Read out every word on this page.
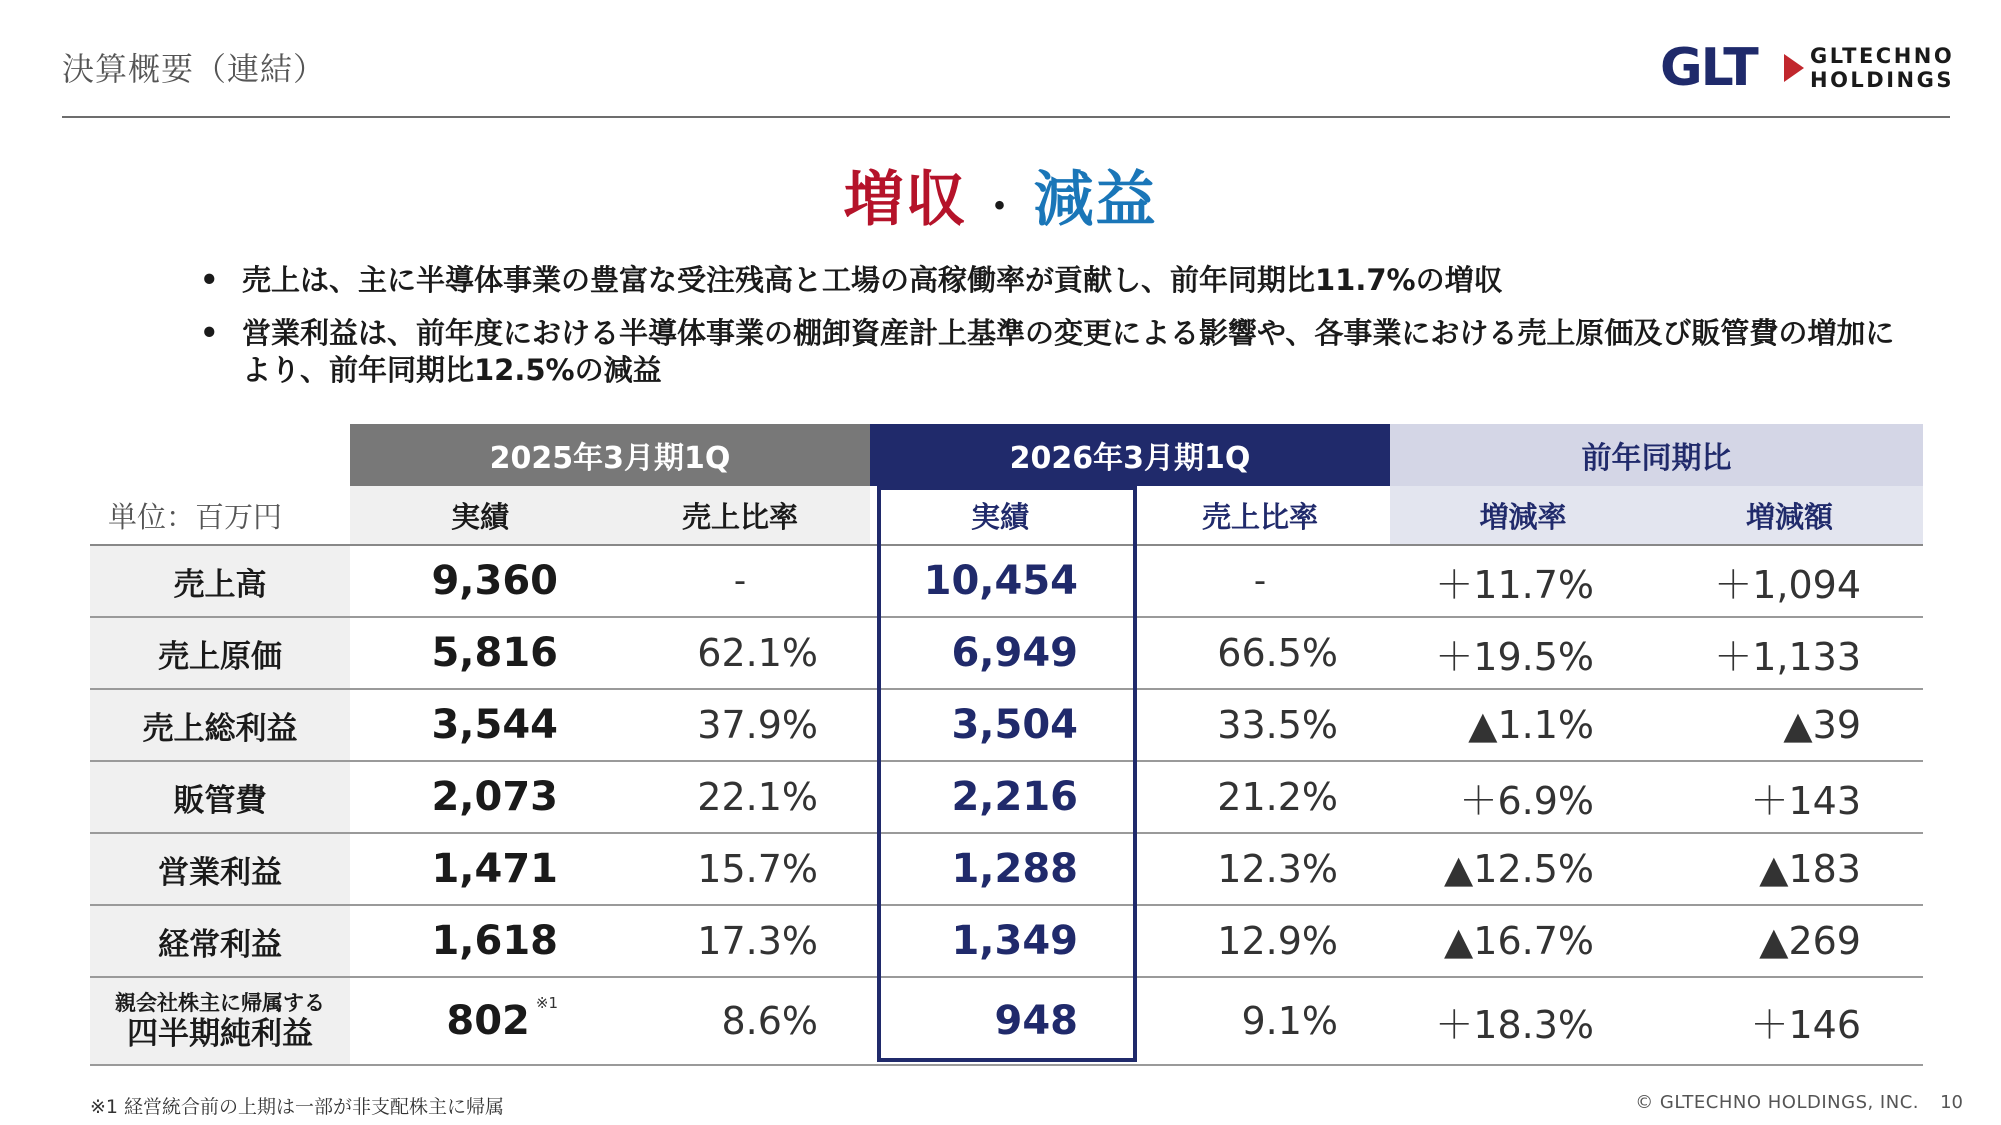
決算概要（連結）	GLT	GLTECHNO
HOLDINGS
増収 ・ 減益
• 売上は、主に半導体事業の豊富な受注残高と工場の高稼働率が貢献し、前年同期比11.7%の増収
• 営業利益は、前年度における半導体事業の棚卸資産計上基準の変更による影響や、各事業における売上原価及び販管費の増加により、前年同期比12.5%の減益
	2025年3月期1Q		2026年3月期1Q		前年同期比	
単位：百万円	実績	売上比率	実績	売上比率	増減率	増減額
売上高	9,360	-	10,454	-	＋11.7%	＋1,094
売上原価	5,816	62.1%	6,949	66.5%	＋19.5%	＋1,133
売上総利益	3,544	37.9%	3,504	33.5%	▲1.1%	▲39
販管費	2,073	22.1%	2,216	21.2%	＋6.9%	＋143
営業利益	1,471	15.7%	1,288	12.3%	▲12.5%	▲183
経常利益	1,618	17.3%	1,349	12.9%	▲16.7%	▲269

親会社株主に帰属する
四半期純利益	802 $^{※1}$	8.6%	948	9.1%	＋18.3%	＋146
※1 経営統合前の上期は一部が非支配株主に帰属	© GLTECHNO HOLDINGS, INC. 10
